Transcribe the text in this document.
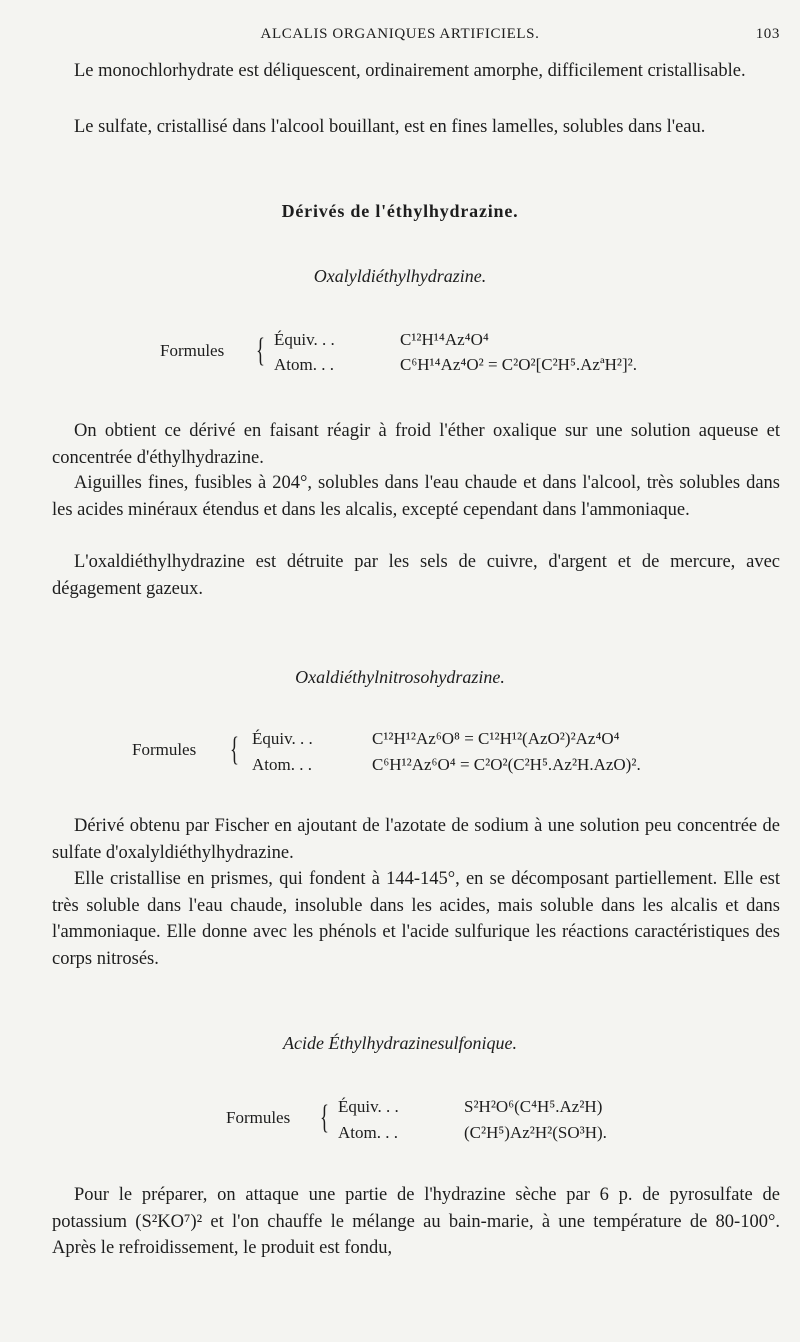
ALCALIS ORGANIQUES ARTIFICIELS.	103

Le monochlorhydrate est déliquescent, ordinairement amorphe, difficilement cristallisable.

Le sulfate, cristallisé dans l'alcool bouillant, est en fines lamelles, solubles dans l'eau.

Dérivés de l'éthylhydrazine.

Oxalyldiéthylhydrazine.

Formules { Équiv. . .	C¹²H¹⁴Az⁴O⁴
Atom. . .	C⁶H¹⁴Az⁴O² = C²O²[C²H⁵.AzªH²]².

On obtient ce dérivé en faisant réagir à froid l'éther oxalique sur une solution aqueuse et concentrée d'éthylhydrazine.

Aiguilles fines, fusibles à 204°, solubles dans l'eau chaude et dans l'alcool, très solubles dans les acides minéraux étendus et dans les alcalis, excepté cependant dans l'ammoniaque.

L'oxaldiéthylhydrazine est détruite par les sels de cuivre, d'argent et de mercure, avec dégagement gazeux.

Oxaldiéthylnitrosohydrazine.

Formules { Équiv. . .	C¹²H¹²Az⁶O⁸ = C¹²H¹²(AzO²)²Az⁴O⁴
Atom. . .	C⁶H¹²Az⁶O⁴ = C²O²(C²H⁵.Az²H.AzO)².

Dérivé obtenu par Fischer en ajoutant de l'azotate de sodium à une solution peu concentrée de sulfate d'oxalyldiéthylhydrazine.

Elle cristallise en prismes, qui fondent à 144-145°, en se décomposant partiellement. Elle est très soluble dans l'eau chaude, insoluble dans les acides, mais soluble dans les alcalis et dans l'ammoniaque. Elle donne avec les phénols et l'acide sulfurique les réactions caractéristiques des corps nitrosés.

Acide Éthylhydrazinesulfonique.

Formules { Équiv. . .	S²H²O⁶(C⁴H⁵.Az²H)
Atom. . .	(C²H⁵)Az²H²(SO³H).

Pour le préparer, on attaque une partie de l'hydrazine sèche par 6 p. de pyrosulfate de potassium (S²KO⁷)² et l'on chauffe le mélange au bain-marie, à une température de 80-100°. Après le refroidissement, le produit est fondu,
